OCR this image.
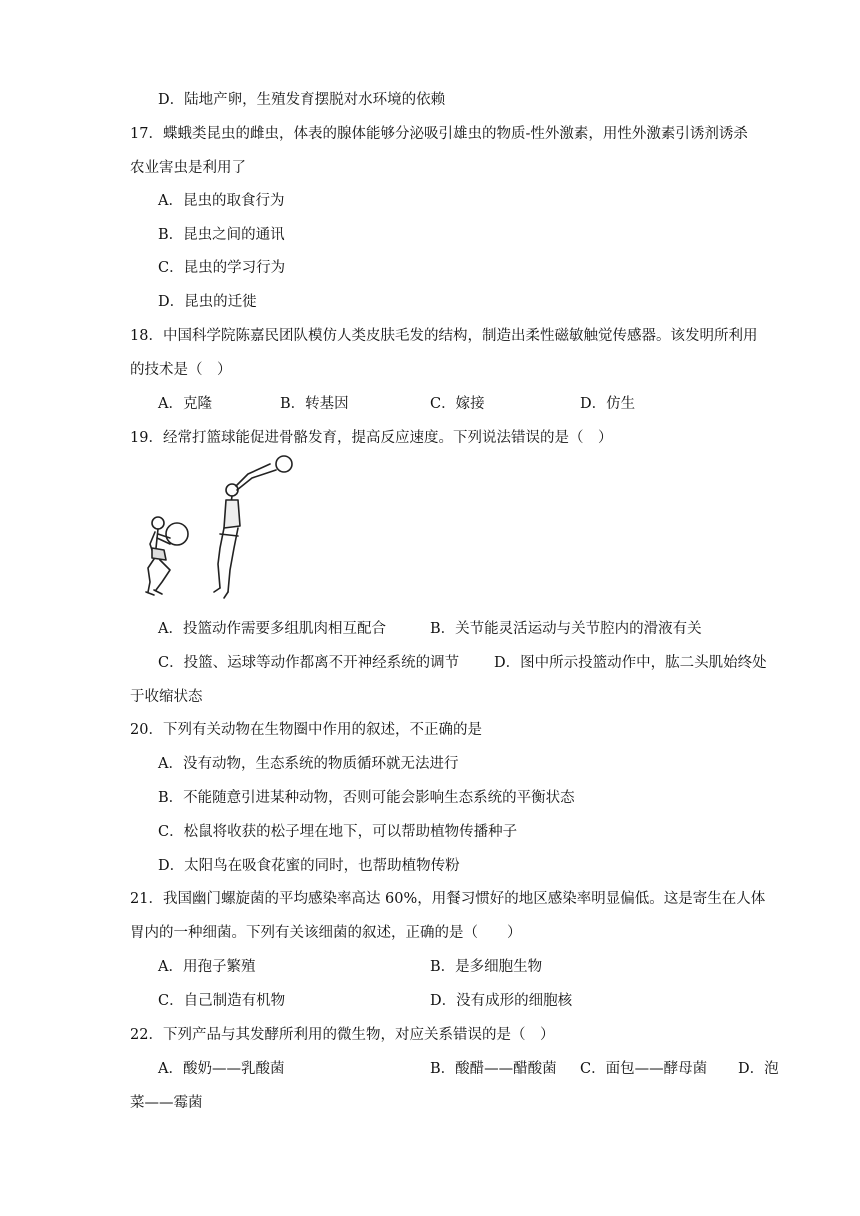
D．陆地产卵，生殖发育摆脱对水环境的依赖
17．蝶蛾类昆虫的雌虫，体表的腺体能够分泌吸引雄虫的物质-性外激素，用性外激素引诱剂诱杀
农业害虫是利用了
A．昆虫的取食行为
B．昆虫之间的通讯
C．昆虫的学习行为
D．昆虫的迁徙
18．中国科学院陈嘉民团队模仿人类皮肤毛发的结构，制造出柔性磁敏触觉传感器。该发明所利用
的技术是（　）
A．克隆	B．转基因	C．嫁接	D．仿生
19．经常打篮球能促进骨骼发育，提高反应速度。下列说法错误的是（　）
A．投篮动作需要多组肌肉相互配合	B．关节能灵活运动与关节腔内的滑液有关
C．投篮、运球等动作都离不开神经系统的调节 D．图中所示投篮动作中，肱二头肌始终处
于收缩状态
20．下列有关动物在生物圈中作用的叙述，不正确的是
A．没有动物，生态系统的物质循环就无法进行
B．不能随意引进某种动物，否则可能会影响生态系统的平衡状态
C．松鼠将收获的松子埋在地下，可以帮助植物传播种子
D．太阳鸟在吸食花蜜的同时，也帮助植物传粉
21．我国幽门螺旋菌的平均感染率高达 60%，用餐习惯好的地区感染率明显偏低。这是寄生在人体
胃内的一种细菌。下列有关该细菌的叙述，正确的是（　　）
A．用孢子繁殖	B．是多细胞生物
C．自己制造有机物	D．没有成形的细胞核
22．下列产品与其发酵所利用的微生物，对应关系错误的是（　）
A．酸奶——乳酸菌	B．酸醋——醋酸菌 C．面包——酵母菌 D．泡
菜——霉菌
